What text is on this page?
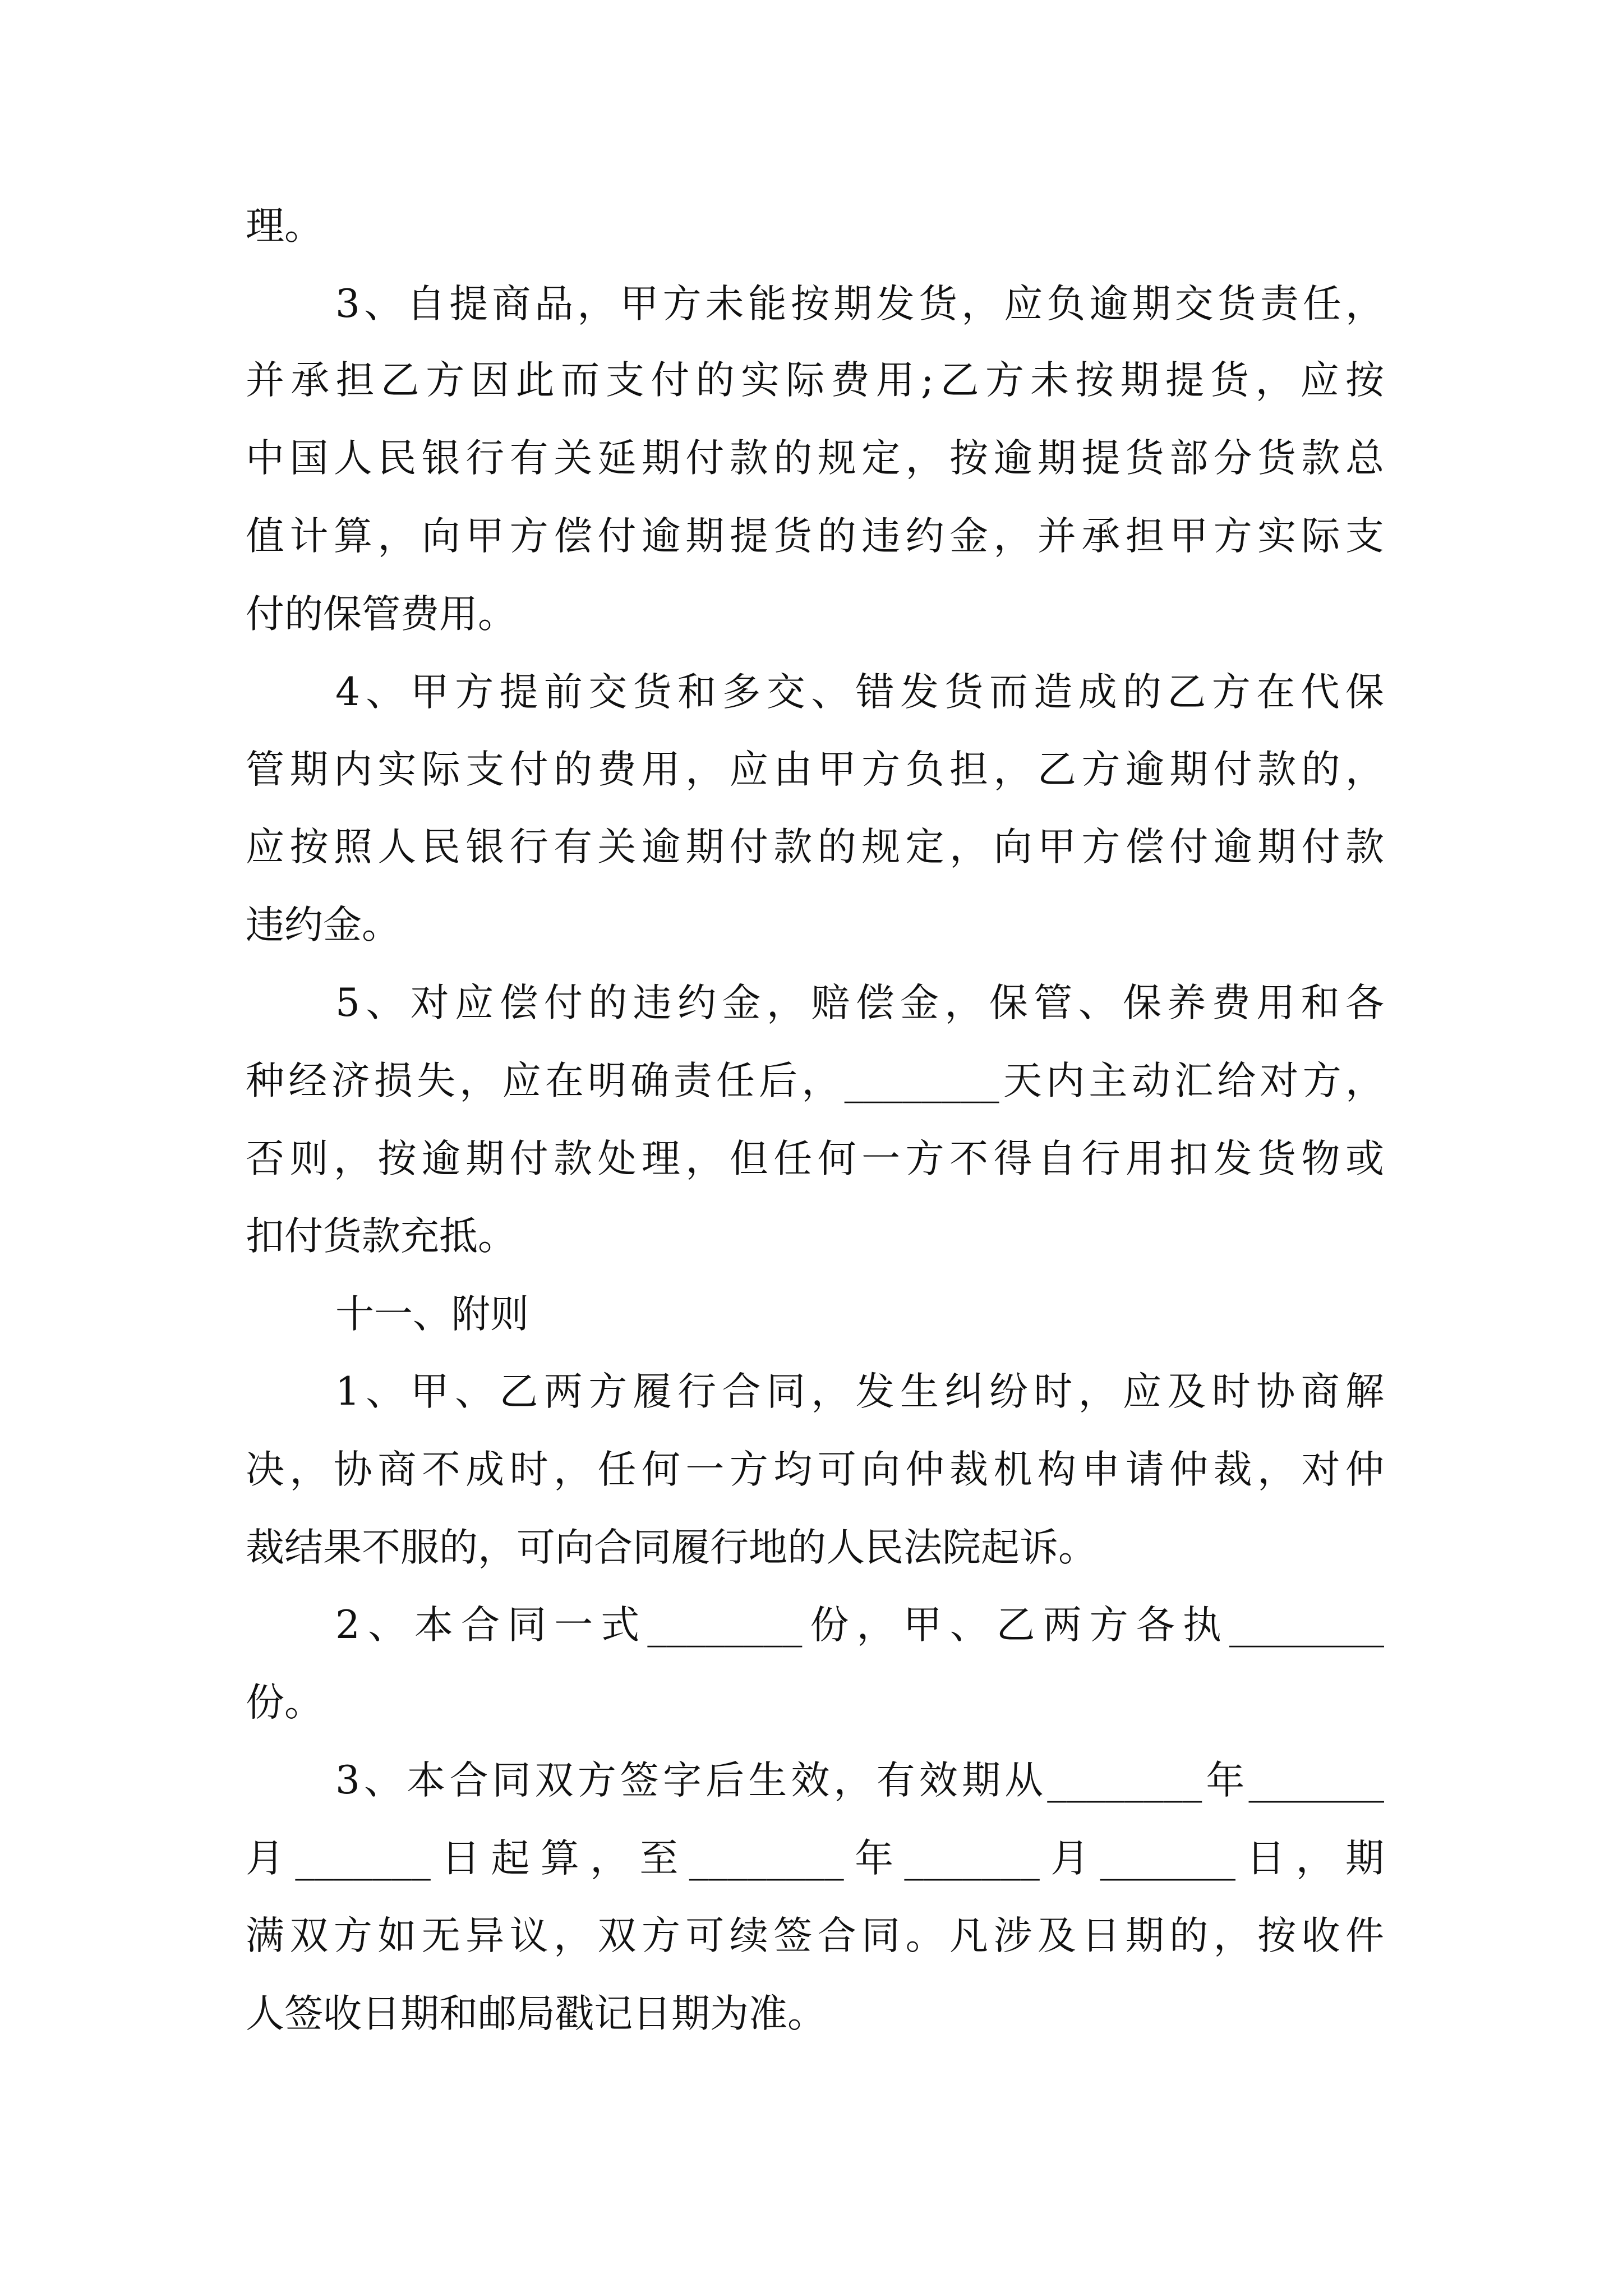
理。

3、自提商品，甲方未能按期发货，应负逾期交货责任，

并承担乙方因此而支付的实际费用;乙方未按期提货，应按

中国人民银行有关延期付款的规定，按逾期提货部分货款总

值计算，向甲方偿付逾期提货的违约金，并承担甲方实际支

付的保管费用。

4、甲方提前交货和多交、错发货而造成的乙方在代保

管期内实际支付的费用，应由甲方负担，乙方逾期付款的，

应按照人民银行有关逾期付款的规定，向甲方偿付逾期付款

违约金。

5、对应偿付的违约金，赔偿金，保管、保养费用和各

种经济损失，应在明确责任后，________天内主动汇给对方，

否则，按逾期付款处理，但任何一方不得自行用扣发货物或

扣付货款充抵。

十一、附则

1、甲、乙两方履行合同，发生纠纷时，应及时协商解

决，协商不成时，任何一方均可向仲裁机构申请仲裁，对仲

裁结果不服的，可向合同履行地的人民法院起诉。

2、本合同一式________份，甲、乙两方各执________

份。

3、本合同双方签字后生效，有效期从________年_______

月_______日起算，至________年_______月_______日，期

满双方如无异议，双方可续签合同。凡涉及日期的，按收件

人签收日期和邮局戳记日期为准。
